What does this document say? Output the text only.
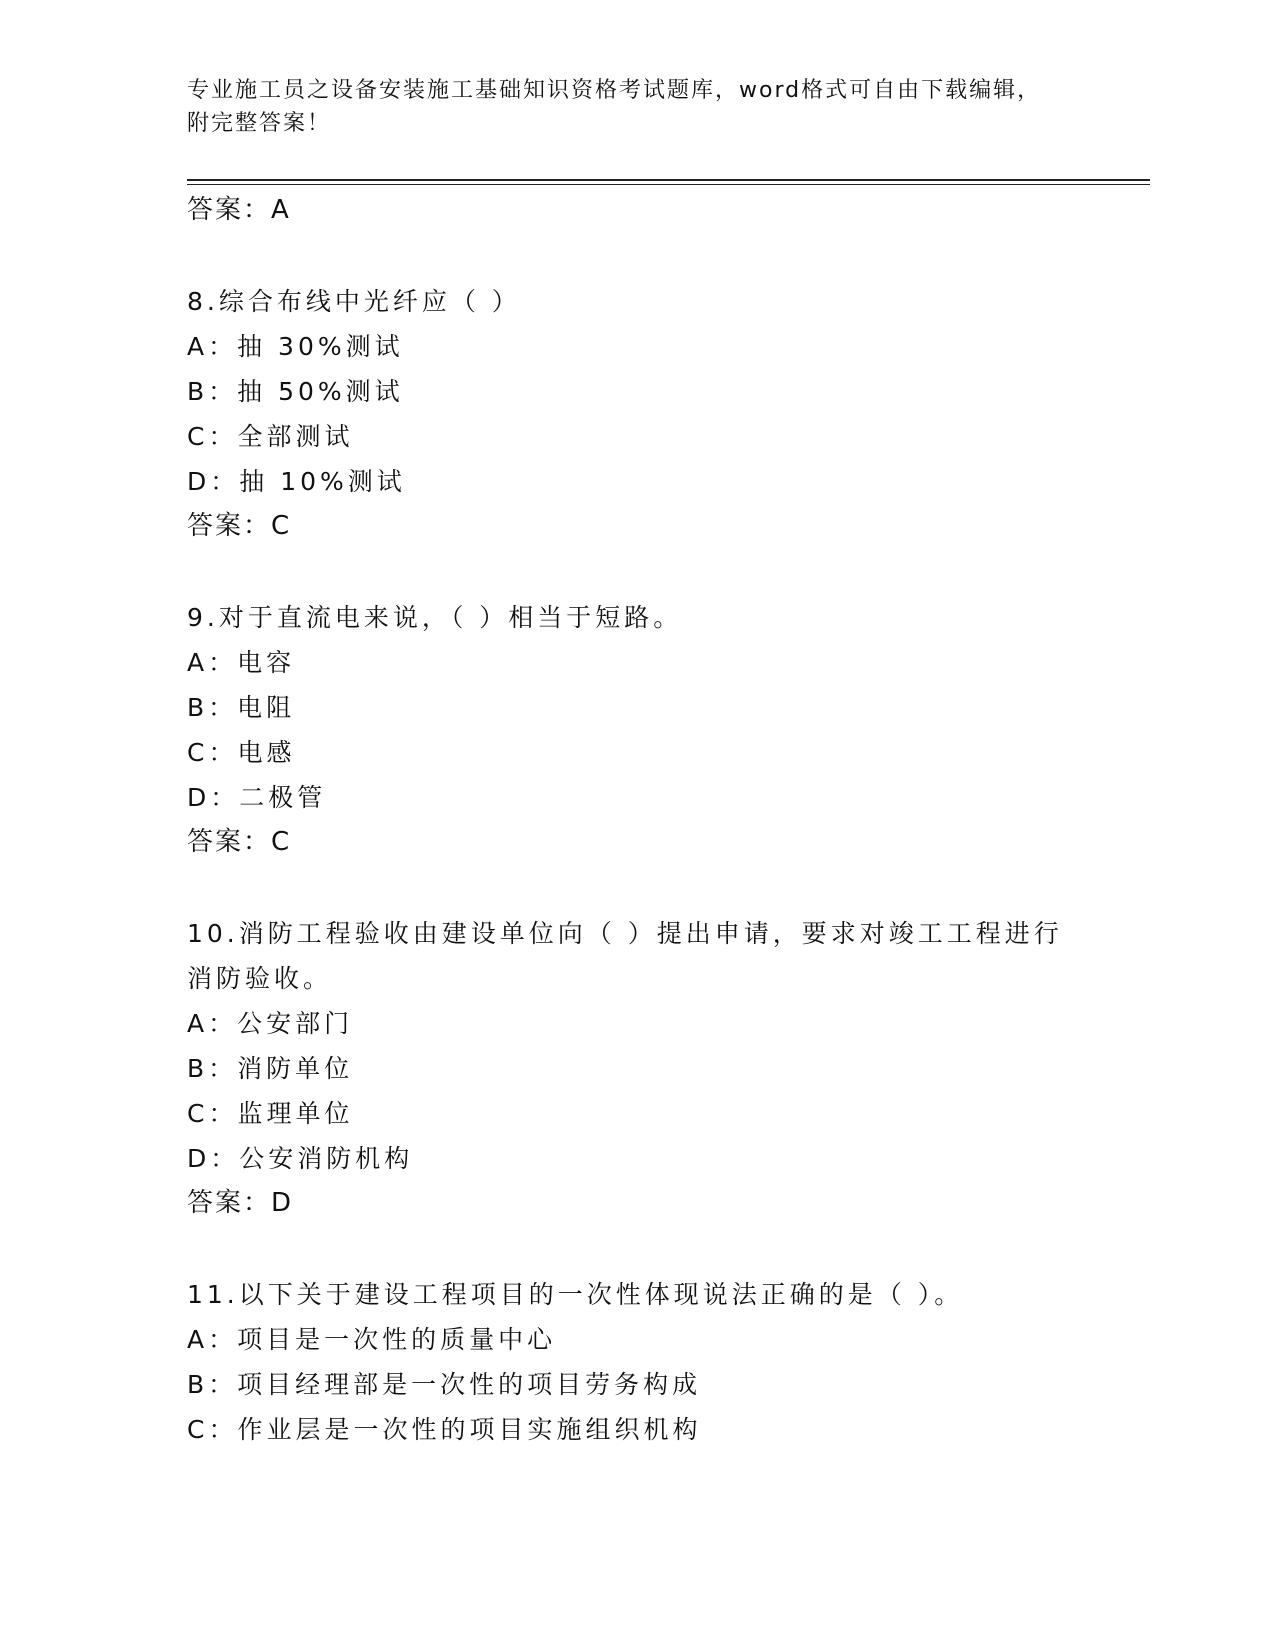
专业施工员之设备安装施工基础知识资格考试题库，word格式可自由下载编辑，
附完整答案！
答案：A
8.综合布线中光纤应（ ）
A：抽 30%测试
B：抽 50%测试
C：全部测试
D：抽 10%测试
答案：C
9.对于直流电来说，（ ）相当于短路。
A：电容
B：电阻
C：电感
D：二极管
答案：C
10.消防工程验收由建设单位向（ ）提出申请，要求对竣工工程进行
消防验收。
A：公安部门
B：消防单位
C：监理单位
D：公安消防机构
答案：D
11.以下关于建设工程项目的一次性体现说法正确的是（ ）。
A：项目是一次性的质量中心
B：项目经理部是一次性的项目劳务构成
C：作业层是一次性的项目实施组织机构
